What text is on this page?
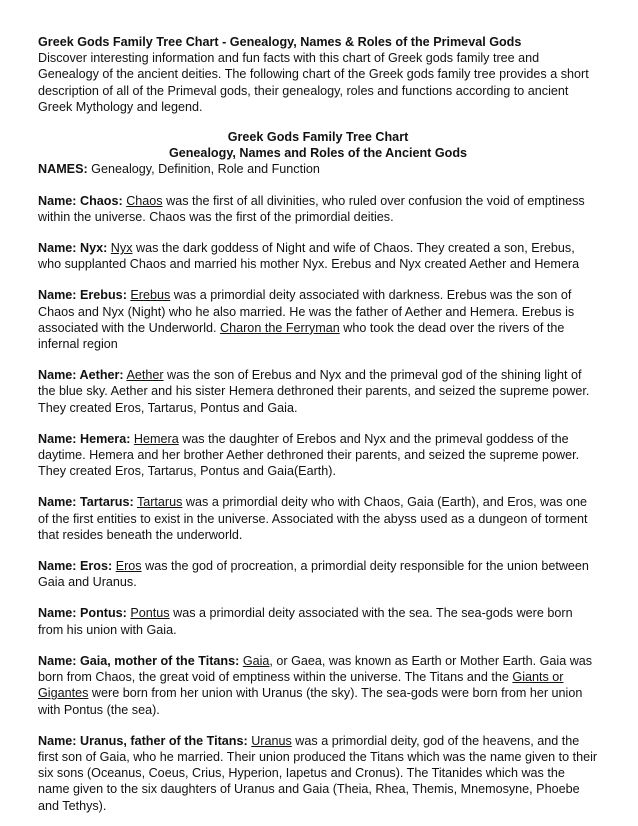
Greek Gods Family Tree Chart - Genealogy, Names & Roles of the Primeval Gods

Discover interesting information and fun facts with this chart of Greek gods family tree and Genealogy of the ancient deities. The following chart of the Greek gods family tree provides a short description of all of the Primeval gods, their genealogy, roles and functions according to ancient Greek Mythology and legend.

Greek Gods Family Tree Chart

Genealogy, Names and Roles of the Ancient Gods

NAMES: Genealogy, Definition, Role and Function

Name: Chaos: Chaos was the first of all divinities, who ruled over confusion the void of emptiness within the universe. Chaos was the first of the primordial deities.

Name: Nyx: Nyx was the dark goddess of Night and wife of Chaos. They created a son, Erebus, who supplanted Chaos and married his mother Nyx. Erebus and Nyx created Aether and Hemera

Name: Erebus: Erebus was a primordial deity associated with darkness. Erebus was the son of Chaos and Nyx (Night) who he also married. He was the father of Aether and Hemera. Erebus is associated with the Underworld. Charon the Ferryman who took the dead over the rivers of the infernal region

Name: Aether: Aether was the son of Erebus and Nyx and the primeval god of the shining light of the blue sky. Aether and his sister Hemera dethroned their parents, and seized the supreme power. They created Eros, Tartarus, Pontus and Gaia.

Name: Hemera: Hemera was the daughter of Erebos and Nyx and the primeval goddess of the daytime. Hemera and her brother Aether dethroned their parents, and seized the supreme power. They created Eros, Tartarus, Pontus and Gaia(Earth).

Name: Tartarus: Tartarus was a primordial deity who with Chaos, Gaia (Earth), and Eros, was one of the first entities to exist in the universe. Associated with the abyss used as a dungeon of torment that resides beneath the underworld.

Name: Eros: Eros was the god of procreation, a primordial deity responsible for the union between Gaia and Uranus.

Name: Pontus: Pontus was a primordial deity associated with the sea. The sea-gods were born from his union with Gaia.

Name: Gaia, mother of the Titans: Gaia, or Gaea, was known as Earth or Mother Earth. Gaia was born from Chaos, the great void of emptiness within the universe. The Titans and the Giants or Gigantes were born from her union with Uranus (the sky). The sea-gods were born from her union with Pontus (the sea).

Name: Uranus, father of the Titans: Uranus was a primordial deity, god of the heavens, and the first son of Gaia, who he married. Their union produced the Titans which was the name given to their six sons (Oceanus, Coeus, Crius, Hyperion, Iapetus and Cronus). The Titanides which was the name given to the six daughters of Uranus and Gaia (Theia, Rhea, Themis, Mnemosyne, Phoebe and Tethys).
